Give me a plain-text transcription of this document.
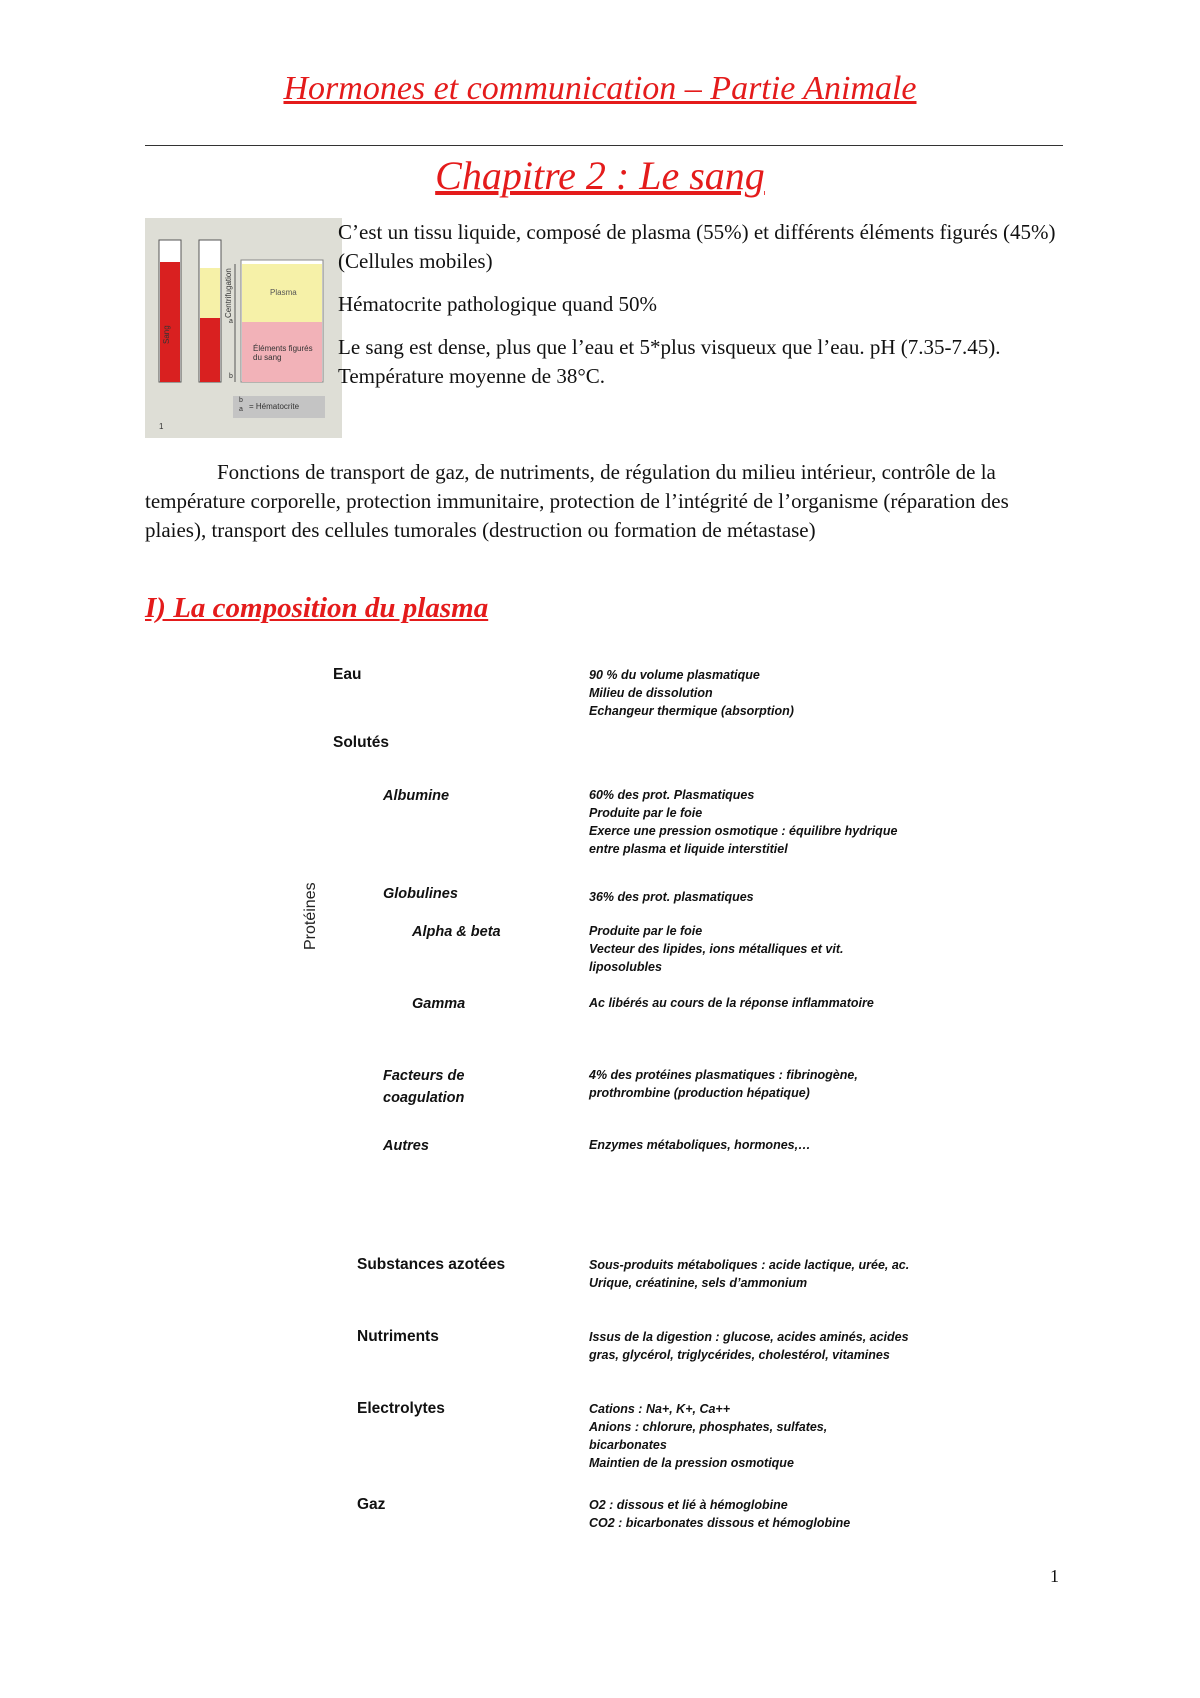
Hormones et communication – Partie Animale
Chapitre 2 : Le sang
Sang
Centrifugation	Plasma
Éléments figurés du sang
a
b
b
a = Hématocrite
1

C’est un tissu liquide, composé de plasma (55%) et différents éléments figurés (45%) (Cellules mobiles)

Hématocrite pathologique quand 50%

Le sang est dense, plus que l’eau et 5*plus visqueux que l’eau. pH (7.35-7.45). Température moyenne de 38°C.

Fonctions de transport de gaz, de nutriments, de régulation du milieu intérieur, contrôle de la température corporelle, protection immunitaire, protection de l’intégrité de l’organisme (réparation des plaies), transport des cellules tumorales (destruction ou formation de métastase)

I) La composition du plasma
Protéines
Eau	90 % du volume plasmatique
Milieu de dissolution
Echangeur thermique (absorption)
Solutés
Albumine	60% des prot. Plasmatiques
Produite par le foie
Exerce une pression osmotique : équilibre hydrique entre plasma et liquide interstitiel
Globulines	36% des prot. plasmatiques
Alpha & beta	Produite par le foie
Vecteur des lipides, ions métalliques et vit. liposolubles
Gamma	Ac libérés au cours de la réponse inflammatoire
Facteurs de
coagulation
4% des protéines plasmatiques : fibrinogène, prothrombine (production hépatique)
Autres	Enzymes métaboliques, hormones,…
Substances azotées	Sous-produits métaboliques : acide lactique, urée, ac. Urique, créatinine, sels d’ammonium
Nutriments	Issus de la digestion : glucose, acides aminés, acides gras, glycérol, triglycérides, cholestérol, vitamines
Electrolytes	Cations : Na+, K+, Ca++
Anions : chlorure, phosphates, sulfates, bicarbonates
Maintien de la pression osmotique
Gaz	O2 : dissous et lié à hémoglobine
CO2 : bicarbonates dissous et hémoglobine
1
